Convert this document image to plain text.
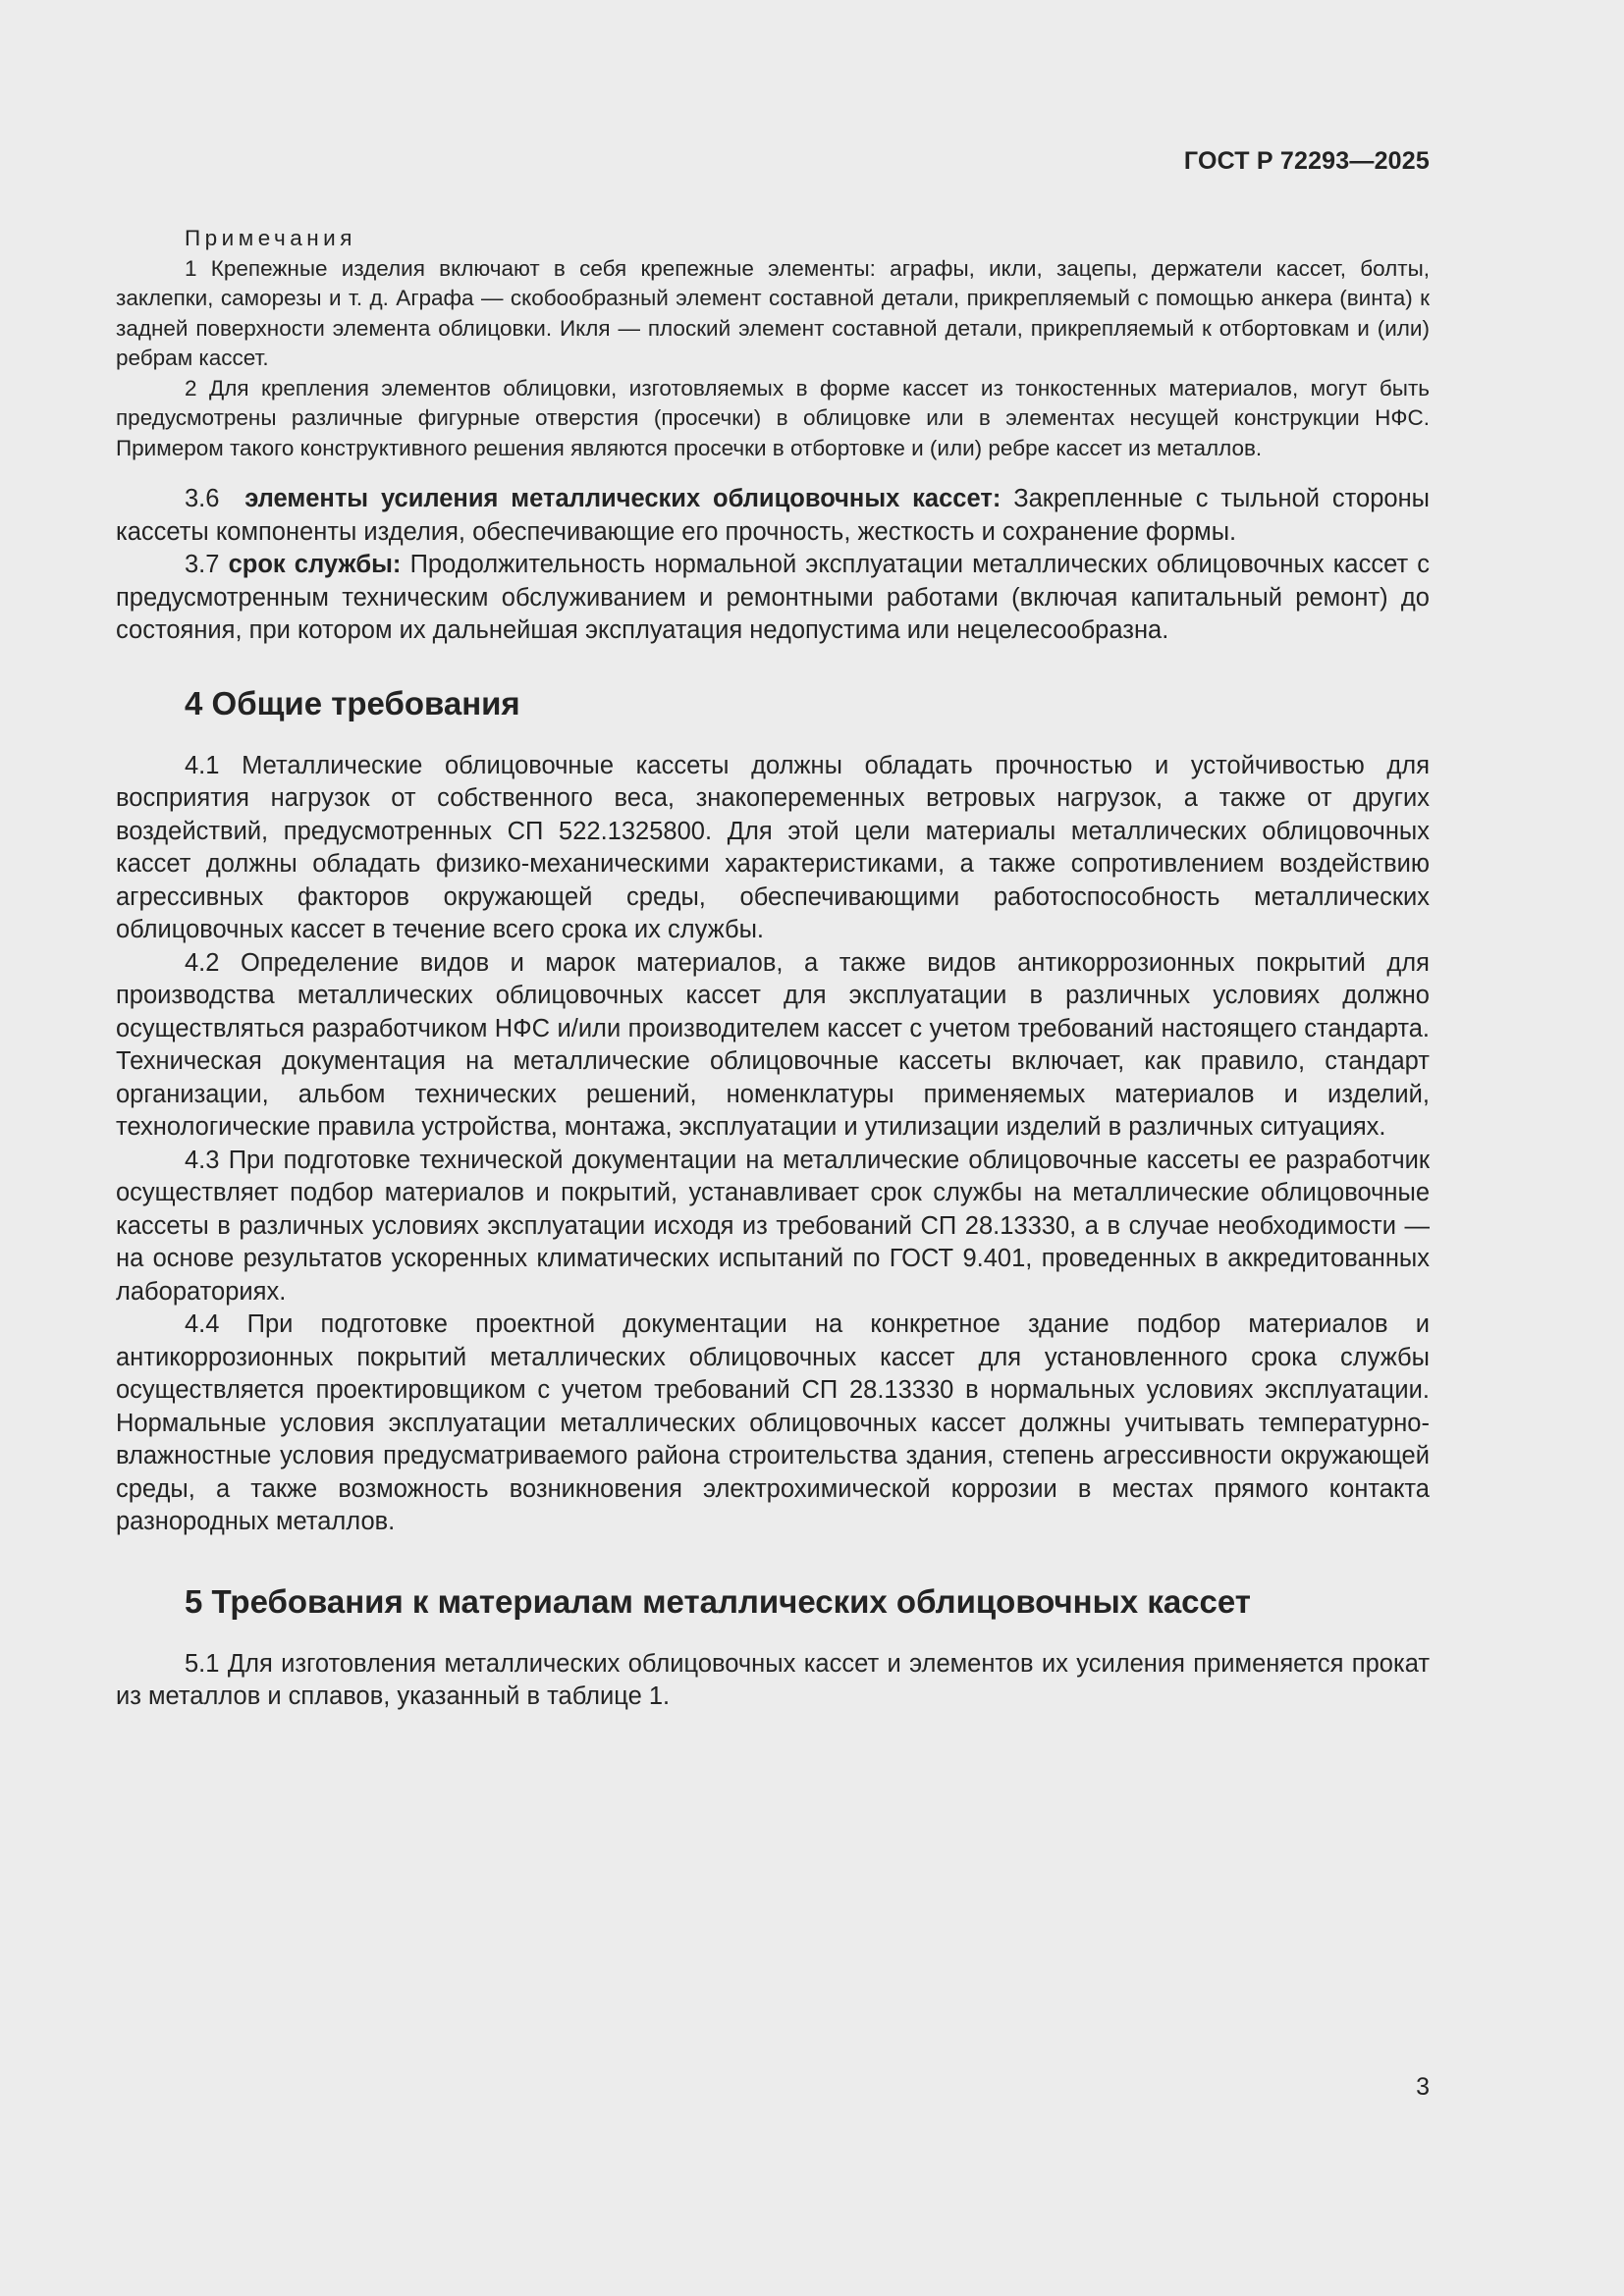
ГОСТ Р 72293—2025
Примечания

1 Крепежные изделия включают в себя крепежные элементы: аграфы, икли, зацепы, держатели кассет, болты, заклепки, саморезы и т. д. Аграфа — скобообразный элемент составной детали, прикрепляемый с помощью анкера (винта) к задней поверхности элемента облицовки. Икля — плоский элемент составной детали, прикрепляемый к отбортовкам и (или) ребрам кассет.

2 Для крепления элементов облицовки, изготовляемых в форме кассет из тонкостенных материалов, могут быть предусмотрены различные фигурные отверстия (просечки) в облицовке или в элементах несущей конструкции НФС. Примером такого конструктивного решения являются просечки в отбортовке и (или) ребре кассет из металлов.

3.6 элементы усиления металлических облицовочных кассет: Закрепленные с тыльной стороны кассеты компоненты изделия, обеспечивающие его прочность, жесткость и сохранение формы.

3.7 срок службы: Продолжительность нормальной эксплуатации металлических облицовочных кассет с предусмотренным техническим обслуживанием и ремонтными работами (включая капитальный ремонт) до состояния, при котором их дальнейшая эксплуатация недопустима или нецелесообразна.

4 Общие требования

4.1 Металлические облицовочные кассеты должны обладать прочностью и устойчивостью для восприятия нагрузок от собственного веса, знакопеременных ветровых нагрузок, а также от других воздействий, предусмотренных СП 522.1325800. Для этой цели материалы металлических облицовочных кассет должны обладать физико-механическими характеристиками, а также сопротивлением воздействию агрессивных факторов окружающей среды, обеспечивающими работоспособность металлических облицовочных кассет в течение всего срока их службы.

4.2 Определение видов и марок материалов, а также видов антикоррозионных покрытий для производства металлических облицовочных кассет для эксплуатации в различных условиях должно осуществляться разработчиком НФС и/или производителем кассет с учетом требований настоящего стандарта. Техническая документация на металлические облицовочные кассеты включает, как правило, стандарт организации, альбом технических решений, номенклатуры применяемых материалов и изделий, технологические правила устройства, монтажа, эксплуатации и утилизации изделий в различных ситуациях.

4.3 При подготовке технической документации на металлические облицовочные кассеты ее разработчик осуществляет подбор материалов и покрытий, устанавливает срок службы на металлические облицовочные кассеты в различных условиях эксплуатации исходя из требований СП 28.13330, а в случае необходимости — на основе результатов ускоренных климатических испытаний по ГОСТ 9.401, проведенных в аккредитованных лабораториях.

4.4 При подготовке проектной документации на конкретное здание подбор материалов и антикоррозионных покрытий металлических облицовочных кассет для установленного срока службы осуществляется проектировщиком с учетом требований СП 28.13330 в нормальных условиях эксплуатации. Нормальные условия эксплуатации металлических облицовочных кассет должны учитывать температурно-влажностные условия предусматриваемого района строительства здания, степень агрессивности окружающей среды, а также возможность возникновения электрохимической коррозии в местах прямого контакта разнородных металлов.

5 Требования к материалам металлических облицовочных кассет

5.1 Для изготовления металлических облицовочных кассет и элементов их усиления применяется прокат из металлов и сплавов, указанный в таблице 1.

3
